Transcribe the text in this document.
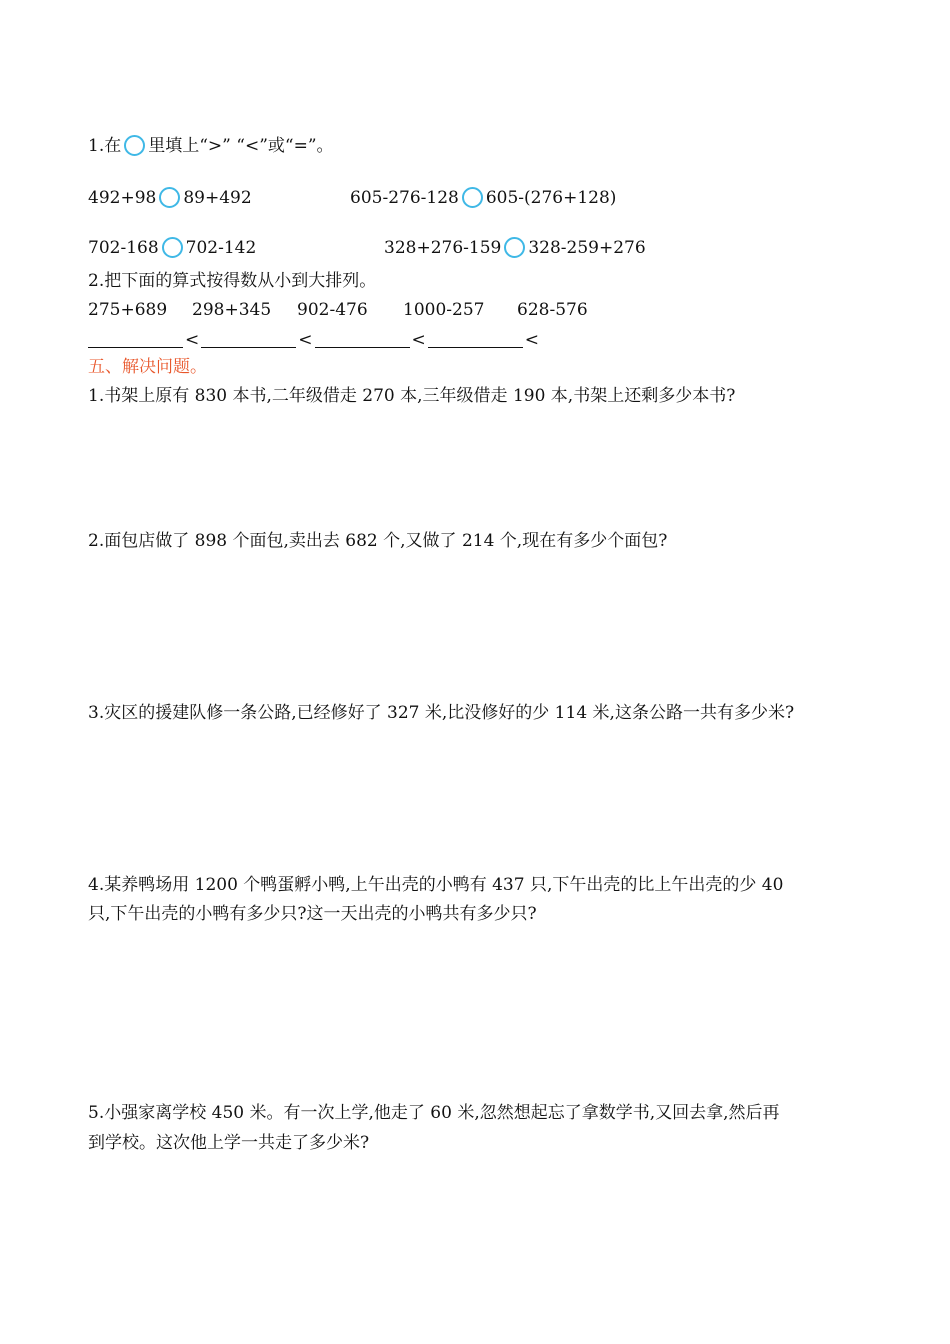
1.在 里填上“>” “<”或“=”。
492+98 89+492	605-276-128 605-(276+128)
702-168 702-142	328+276-159 328-259+276
2.把下面的算式按得数从小到大排列。
275+689 298+345 902-476 1000-257 628-576
<	<	<	<
五、解决问题。
1.书架上原有 830 本书,二年级借走 270 本,三年级借走 190 本,书架上还剩多少本书?
2.面包店做了 898 个面包,卖出去 682 个,又做了 214 个,现在有多少个面包?
3.灾区的援建队修一条公路,已经修好了 327 米,比没修好的少 114 米,这条公路一共有多少米?
4.某养鸭场用 1200 个鸭蛋孵小鸭,上午出壳的小鸭有 437 只,下午出壳的比上午出壳的少 40
只,下午出壳的小鸭有多少只?这一天出壳的小鸭共有多少只?
5.小强家离学校 450 米。有一次上学,他走了 60 米,忽然想起忘了拿数学书,又回去拿,然后再
到学校。这次他上学一共走了多少米?
